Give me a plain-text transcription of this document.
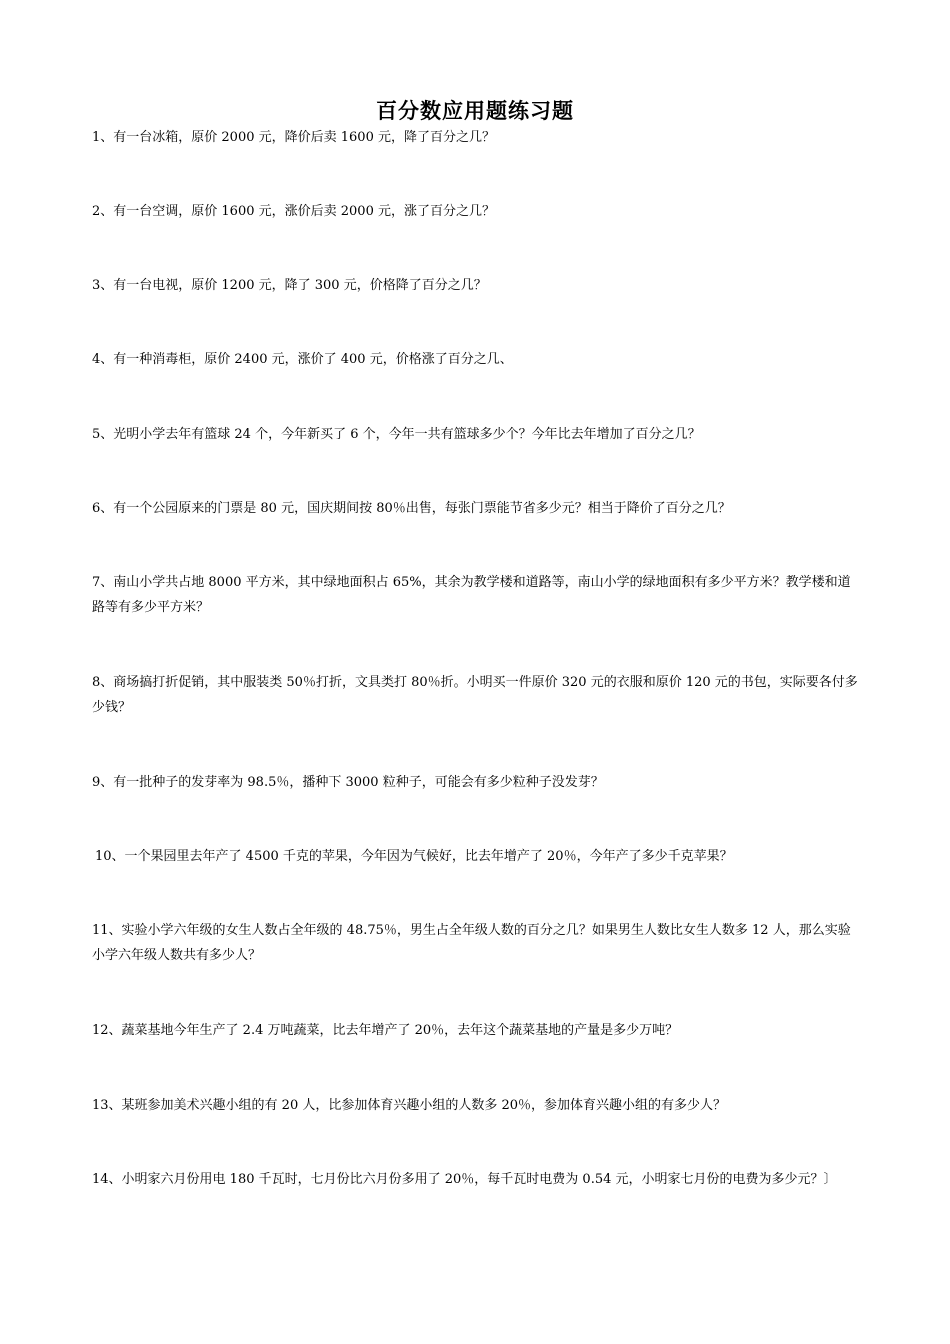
百分数应用题练习题
1、有一台冰箱，原价 2000 元，降价后卖 1600 元，降了百分之几？
2、有一台空调，原价 1600 元，涨价后卖 2000 元，涨了百分之几？
3、有一台电视，原价 1200 元，降了 300 元，价格降了百分之几？
4、有一种消毒柜，原价 2400 元，涨价了 400 元，价格涨了百分之几、
5、光明小学去年有篮球 24 个，今年新买了 6 个，今年一共有篮球多少个？今年比去年增加了百分之几？
6、有一个公园原来的门票是 80 元，国庆期间按 80％出售，每张门票能节省多少元？相当于降价了百分之几？
7、南山小学共占地 8000 平方米，其中绿地面积占 65%，其余为教学楼和道路等，南山小学的绿地面积有多少平方米？教学楼和道路等有多少平方米？
8、商场搞打折促销，其中服装类 50％打折，文具类打 80％折。小明买一件原价 320 元的衣服和原价 120 元的书包，实际要各付多少钱？
9、有一批种子的发芽率为 98.5％，播种下 3000 粒种子，可能会有多少粒种子没发芽？
10、一个果园里去年产了 4500 千克的苹果，今年因为气候好，比去年增产了 20％，今年产了多少千克苹果？
11、实验小学六年级的女生人数占全年级的 48.75％，男生占全年级人数的百分之几？如果男生人数比女生人数多 12 人，那么实验小学六年级人数共有多少人？
12、蔬菜基地今年生产了 2.4 万吨蔬菜，比去年增产了 20％，去年这个蔬菜基地的产量是多少万吨？
13、某班参加美术兴趣小组的有 20 人，比参加体育兴趣小组的人数多 20％，参加体育兴趣小组的有多少人？
14、小明家六月份用电 180 千瓦时，七月份比六月份多用了 20％，每千瓦时电费为 0.54 元，小明家七月份的电费为多少元？〕
